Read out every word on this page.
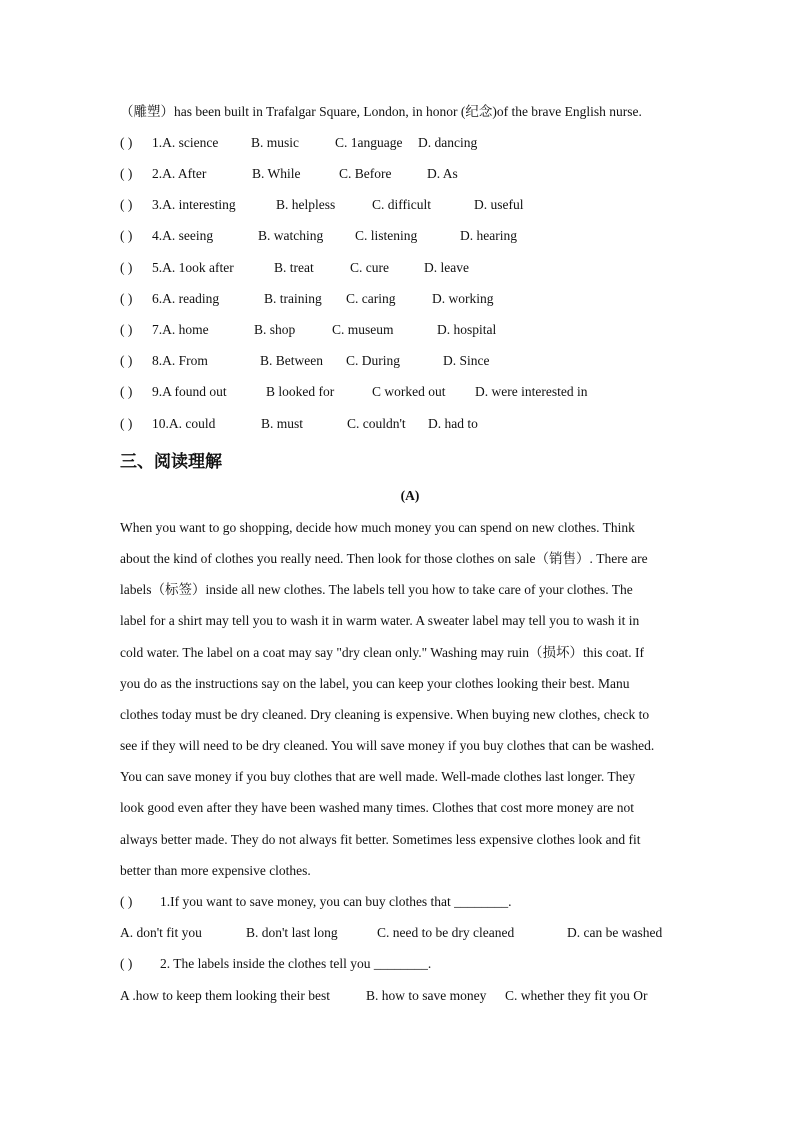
（雕塑）has been built in Trafalgar Square, London, in honor (纪念)of the brave English nurse.
( ) 1.A. science B. music	C. 1anguage D. dancing
( ) 2.A. After	B. While	C. Before	D. As
( ) 3.A. interesting	B. helpless	C. difficult	D. useful
( ) 4.A. seeing	B. watching C. listening	D. hearing
( ) 5.A. 1ook after	B. treat	C. cure	D. leave
( ) 6.A. reading	B. training C. caring	D. working
( ) 7.A. home	B. shop	C. museum	D. hospital
( ) 8.A. From	B. Between C. During	D. Since
( ) 9.A found out	B looked for	C worked out D. were interested in
( ) 10.A. could	B. must	C. couldn't D. had to
三、阅读理解
(A)
When you want to go shopping, decide how much money you can spend on new clothes. Think
about the kind of clothes you really need. Then look for those clothes on sale（销售）. There are
labels（标签）inside all new clothes. The labels tell you how to take care of your clothes. The
label for a shirt may tell you to wash it in warm water. A sweater label may tell you to wash it in
cold water. The label on a coat may say "dry clean only." Washing may ruin（损坏）this coat. If
you do as the instructions say on the label, you can keep your clothes looking their best. Manu
clothes today must be dry cleaned. Dry cleaning is expensive. When buying new clothes, check to
see if they will need to be dry cleaned. You will save money if you buy clothes that can be washed.
You can save money if you buy clothes that are well made. Well-made clothes last longer. They
look good even after they have been washed many times. Clothes that cost more money are not
always better made. They do not always fit better. Sometimes less expensive clothes look and fit
better than more expensive clothes.
( ) 1.If you want to save money, you can buy clothes that ________.
A. don't fit you	B. don't last long	C. need to be dry cleaned	D. can be washed
( ) 2. The labels inside the clothes tell you ________.
A .how to keep them looking their best	B. how to save money C. whether they fit you Or
